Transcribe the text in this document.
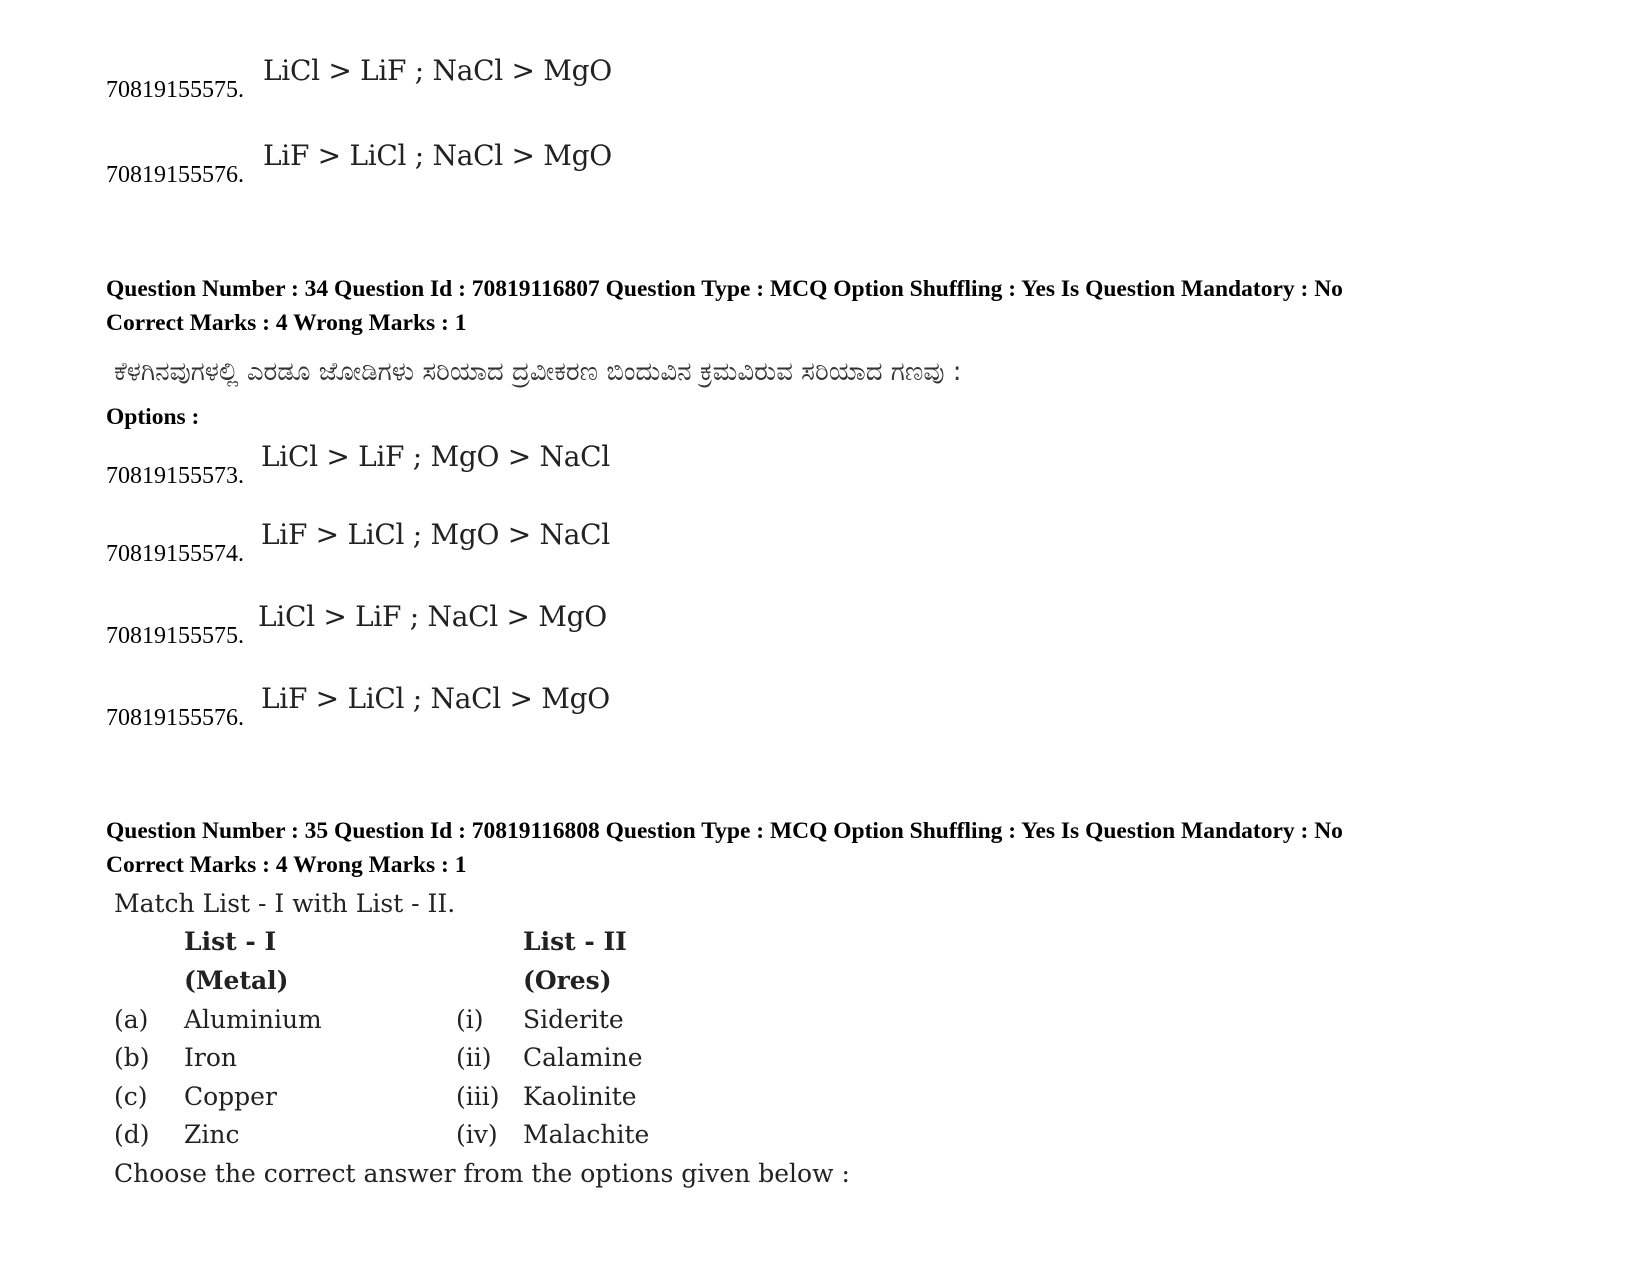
70819155575.
LiCl > LiF ; NaCl > MgO
70819155576.
LiF > LiCl ; NaCl > MgO
Question Number : 34 Question Id : 70819116807 Question Type : MCQ Option Shuffling : Yes Is Question Mandatory : No
Correct Marks : 4 Wrong Marks : 1
ಕೆಳಗಿನವುಗಳಲ್ಲಿ ಎರಡೂ ಜೋಡಿಗಳು ಸರಿಯಾದ ದ್ರವೀಕರಣ ಬಿಂದುವಿನ ಕ್ರಮವಿರುವ ಸರಿಯಾದ ಗಣವು :
Options :
70819155573.
LiCl > LiF ; MgO > NaCl
70819155574.
LiF > LiCl ; MgO > NaCl
70819155575.
LiCl > LiF ; NaCl > MgO
70819155576.
LiF > LiCl ; NaCl > MgO
Question Number : 35 Question Id : 70819116808 Question Type : MCQ Option Shuffling : Yes Is Question Mandatory : No
Correct Marks : 4 Wrong Marks : 1
Match List - I with List - II.
List - I	List - II
(Metal)	(Ores)
(a) Aluminium	(i) Siderite
(b) Iron	(ii) Calamine
(c) Copper	(iii) Kaolinite
(d) Zinc	(iv) Malachite
Choose the correct answer from the options given below :
